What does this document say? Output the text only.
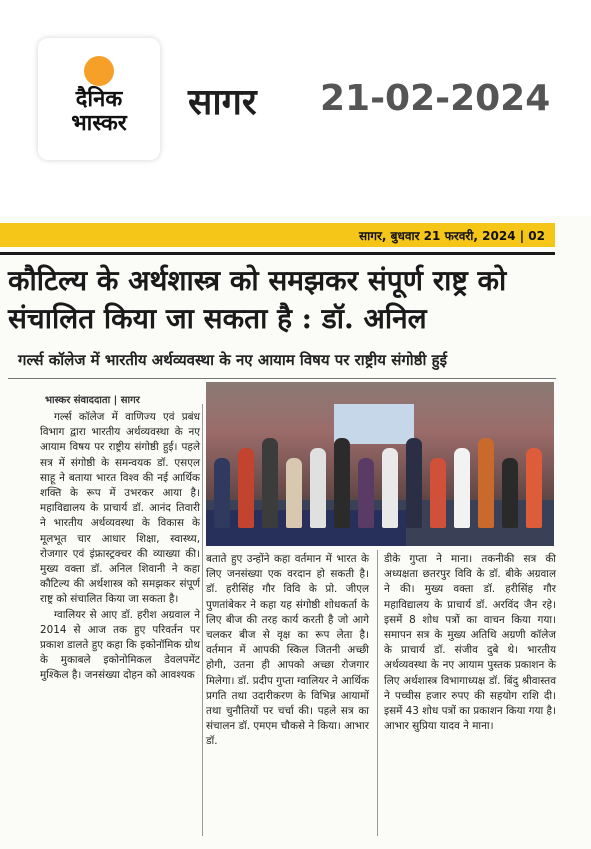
दैनिक भास्कर
सागर 21-02-2024
सागर, बुधवार 21 फरवरी, 2024 | 02
कौटिल्य के अर्थशास्त्र को समझकर संपूर्ण राष्ट्र को संचालित किया जा सकता है : डॉ. अनिल
गर्ल्स कॉलेज में भारतीय अर्थव्यवस्था के नए आयाम विषय पर राष्ट्रीय संगोष्ठी हुई
भास्कर संवाददाता | सागर

गर्ल्स कॉलेज में वाणिज्य एवं प्रबंध विभाग द्वारा भारतीय अर्थव्यवस्था के नए आयाम विषय पर राष्ट्रीय संगोष्ठी हुई। पहले सत्र में संगोष्ठी के समन्वयक डॉ. एसएल साहू ने बताया भारत विश्व की नई आर्थिक शक्ति के रूप में उभरकर आया है। महाविद्यालय के प्राचार्य डॉ. आनंद तिवारी ने भारतीय अर्थव्यवस्था के विकास के मूलभूत चार आधार शिक्षा, स्वास्थ्य, रोजगार एवं इंफ्रास्ट्रक्चर की व्याख्या की। मुख्य वक्ता डॉ. अनिल शिवानी ने कहा कौटिल्य की अर्थशास्त्र को समझकर संपूर्ण राष्ट्र को संचालित किया जा सकता है।

ग्वालियर से आए डॉ. हरीश अग्रवाल ने 2014 से आज तक हुए परिवर्तन पर प्रकाश डालते हुए कहा कि इकोनॉमिक ग्रोथ के मुकाबले इकोनोमिकल डेवलपमेंट मुश्किल है। जनसंख्या दोहन को आवश्यक

बताते हुए उन्होंने कहा वर्तमान में भारत के लिए जनसंख्या एक वरदान हो सकती है। डॉ. हरीसिंह गौर विवि के प्रो. जीएल पुणतांबेकर ने कहा यह संगोष्ठी शोधकर्ता के लिए बीज की तरह कार्य करती है जो आगे चलकर बीज से वृक्ष का रूप लेता है। वर्तमान में आपकी स्किल जितनी अच्छी होगी, उतना ही आपको अच्छा रोजगार मिलेगा। डॉ. प्रदीप गुप्ता ग्वालियर ने आर्थिक प्रगति तथा उदारीकरण के विभिन्न आयामों तथा चुनौतियों पर चर्चा की। पहले सत्र का संचालन डॉ. एमएम चौकसे ने किया। आभार डॉ.

डीके गुप्ता ने माना। तकनीकी सत्र की अध्यक्षता छतरपुर विवि के डॉ. बीके अग्रवाल ने की। मुख्य वक्ता डॉ. हरीसिंह गौर महाविद्यालय के प्राचार्य डॉ. अरविंद जैन रहे। इसमें 8 शोध पत्रों का वाचन किया गया। समापन सत्र के मुख्य अतिथि अग्रणी कॉलेज के प्राचार्य डॉ. संजीव दुबे थे। भारतीय अर्थव्यवस्था के नए आयाम पुस्तक प्रकाशन के लिए अर्थशास्त्र विभागाध्यक्ष डॉ. बिंदु श्रीवास्तव ने पच्चीस हजार रुपए की सहयोग राशि दी। इसमें 43 शोध पत्रों का प्रकाशन किया गया है। आभार सुप्रिया यादव ने माना।
